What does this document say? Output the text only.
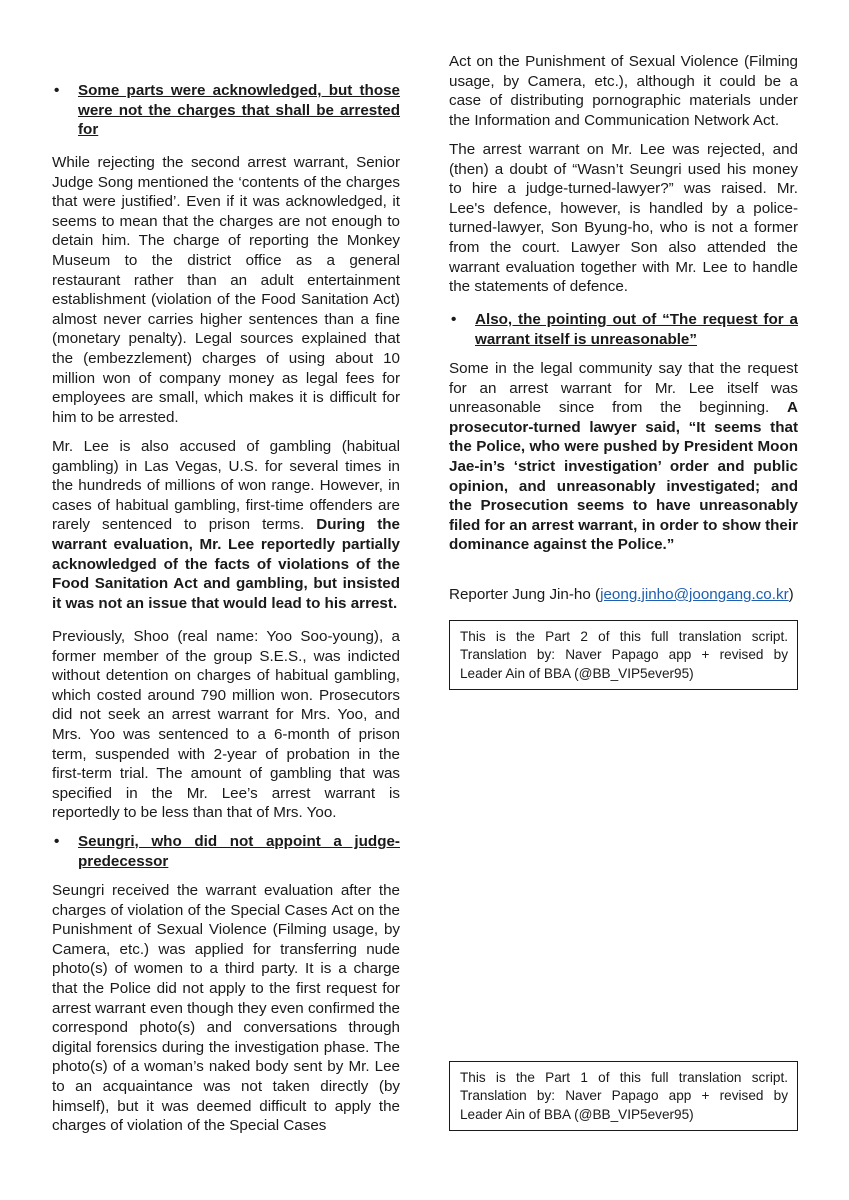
• Some parts were acknowledged, but those were not the charges that shall be arrested for

While rejecting the second arrest warrant, Senior Judge Song mentioned the ‘contents of the charges that were justified’. Even if it was acknowledged, it seems to mean that the charges are not enough to detain him. The charge of reporting the Monkey Museum to the district office as a general restaurant rather than an adult entertainment establishment (violation of the Food Sanitation Act) almost never carries higher sentences than a fine (monetary penalty). Legal sources explained that the (embezzlement) charges of using about 10 million won of company money as legal fees for employees are small, which makes it is difficult for him to be arrested.

Mr. Lee is also accused of gambling (habitual gambling) in Las Vegas, U.S. for several times in the hundreds of millions of won range. However, in cases of habitual gambling, first-time offenders are rarely sentenced to prison terms. During the warrant evaluation, Mr. Lee reportedly partially acknowledged of the facts of violations of the Food Sanitation Act and gambling, but insisted it was not an issue that would lead to his arrest.

Previously, Shoo (real name: Yoo Soo-young), a former member of the group S.E.S., was indicted without detention on charges of habitual gambling, which costed around 790 million won. Prosecutors did not seek an arrest warrant for Mrs. Yoo, and Mrs. Yoo was sentenced to a 6-month of prison term, suspended with 2-year of probation in the first-term trial. The amount of gambling that was specified in the Mr. Lee’s arrest warrant is reportedly to be less than that of Mrs. Yoo.

• Seungri, who did not appoint a judge-predecessor

Seungri received the warrant evaluation after the charges of violation of the Special Cases Act on the Punishment of Sexual Violence (Filming usage, by Camera, etc.) was applied for transferring nude photo(s) of women to a third party. It is a charge that the Police did not apply to the first request for arrest warrant even though they even confirmed the correspond photo(s) and conversations through digital forensics during the investigation phase. The photo(s) of a woman’s naked body sent by Mr. Lee to an acquaintance was not taken directly (by himself), but it was deemed difficult to apply the charges of violation of the Special Cases

Act on the Punishment of Sexual Violence (Filming usage, by Camera, etc.), although it could be a case of distributing pornographic materials under the Information and Communication Network Act.

The arrest warrant on Mr. Lee was rejected, and (then) a doubt of “Wasn’t Seungri used his money to hire a judge-turned-lawyer?” was raised. Mr. Lee's defence, however, is handled by a police-turned-lawyer, Son Byung-ho, who is not a former from the court. Lawyer Son also attended the warrant evaluation together with Mr. Lee to handle the statements of defence.

• Also, the pointing out of “The request for a warrant itself is unreasonable”

Some in the legal community say that the request for an arrest warrant for Mr. Lee itself was unreasonable since from the beginning. A prosecutor-turned lawyer said, “It seems that the Police, who were pushed by President Moon Jae-in’s ‘strict investigation’ order and public opinion, and unreasonably investigated; and the Prosecution seems to have unreasonably filed for an arrest warrant, in order to show their dominance against the Police.”

Reporter Jung Jin-ho (jeong.jinho@joongang.co.kr)

This is the Part 2 of this full translation script. Translation by: Naver Papago app + revised by Leader Ain of BBA (@BB_VIP5ever95)
This is the Part 1 of this full translation script. Translation by: Naver Papago app + revised by Leader Ain of BBA (@BB_VIP5ever95)
